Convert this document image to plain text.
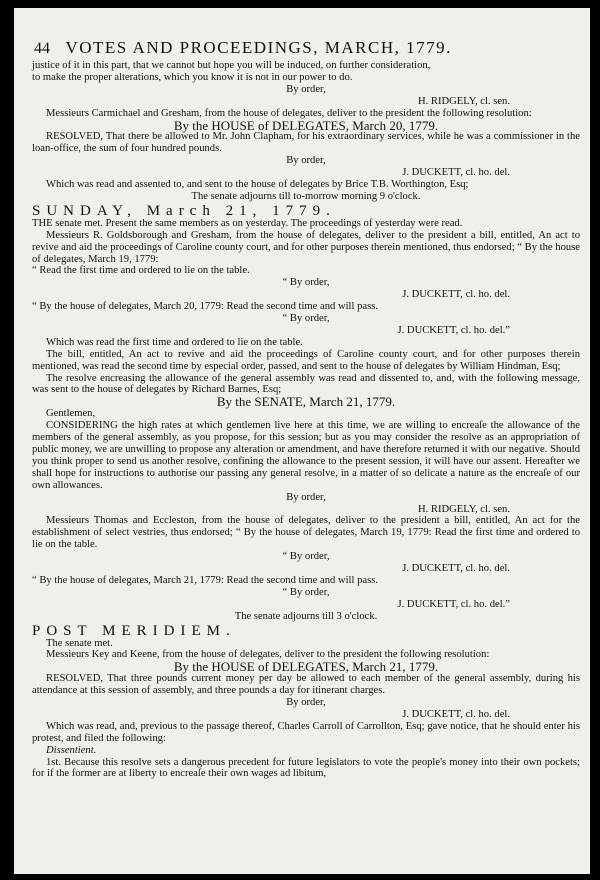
44 VOTES AND PROCEEDINGS, MARCH, 1779.

justice of it in this part, that we cannot but hope you will be induced, on further consideration,

to make the proper alterations, which you know it is not in our power to do.

By order,

H. RIDGELY, cl. sen.

Messieurs Carmichael and Gresham, from the house of delegates, deliver to the president the following resolution:

By the HOUSE of DELEGATES, March 20, 1779.

RESOLVED, That there be allowed to Mr. John Clapham, for his extraordinary services, while he was a commissioner in the loan-office, the sum of four hundred pounds.

By order,

J. DUCKETT, cl. ho. del.

Which was read and assented to, and sent to the house of delegates by Brice T.B. Worthington, Esq;

The senate adjourns till to-morrow morning 9 o'clock.

SUNDAY, March 21, 1779.

THE senate met. Present the same members as on yesterday. The proceedings of yesterday were read.

Messieurs R. Goldsborough and Gresham, from the house of delegates, deliver to the president a bill, entitled, An act to revive and aid the proceedings of Caroline county court, and for other purposes therein mentioned, thus endorsed; “ By the house of delegates, March 19, 1779:

“ Read the first time and ordered to lie on the table.

“ By order,

J. DUCKETT, cl. ho. del.

“ By the house of delegates, March 20, 1779: Read the second time and will pass.

“ By order,

J. DUCKETT, cl. ho. del.”

Which was read the first time and ordered to lie on the table.

The bill, entitled, An act to revive and aid the proceedings of Caroline county court, and for other purposes therein mentioned, was read the second time by especial order, passed, and sent to the house of delegates by William Hindman, Esq;

The resolve encreasing the allowance of the general assembly was read and dissented to, and, with the following message, was sent to the house of delegates by Richard Barnes, Esq;

By the SENATE, March 21, 1779.

Gentlemen,

CONSIDERING the high rates at which gentlemen live here at this time, we are willing to encreaſe the allowance of the members of the general assembly, as you propose, for this session; but as you may consider the resolve as an appropriation of public money, we are unwilling to propose any alteration or amendment, and have therefore returned it with our negative. Should you think proper to send us another resolve, confining the allowance to the present session, it will have our assent. Hereafter we shall hope for instructions to authorise our passing any general resolve, in a matter of so delicate a nature as the encreaſe of our own allowances.

By order,

H. RIDGELY, cl. sen.

Messieurs Thomas and Eccleston, from the house of delegates, deliver to the president a bill, entitled, An act for the establishment of select vestries, thus endorsed; “ By the house of delegates, March 19, 1779: Read the first time and ordered to lie on the table.

“ By order,

J. DUCKETT, cl. ho. del.

“ By the house of delegates, March 21, 1779: Read the second time and will pass.

“ By order,

J. DUCKETT, cl. ho. del.”

The senate adjourns till 3 o'clock.

POST MERIDIEM.

The senate met.

Messieurs Key and Keene, from the house of delegates, deliver to the president the following resolution:

By the HOUSE of DELEGATES, March 21, 1779.

RESOLVED, That three pounds current money per day be allowed to each member of the general assembly, during his attendance at this session of assembly, and three pounds a day for itinerant charges.

By order,

J. DUCKETT, cl. ho. del.

Which was read, and, previous to the passage thereof, Charles Carroll of Carrollton, Esq; gave notice, that he should enter his protest, and filed the following:

Dissentient.

1st. Because this resolve sets a dangerous precedent for future legislators to vote the people's money into their own pockets; for if the former are at liberty to encreaſe their own wages ad libitum,
